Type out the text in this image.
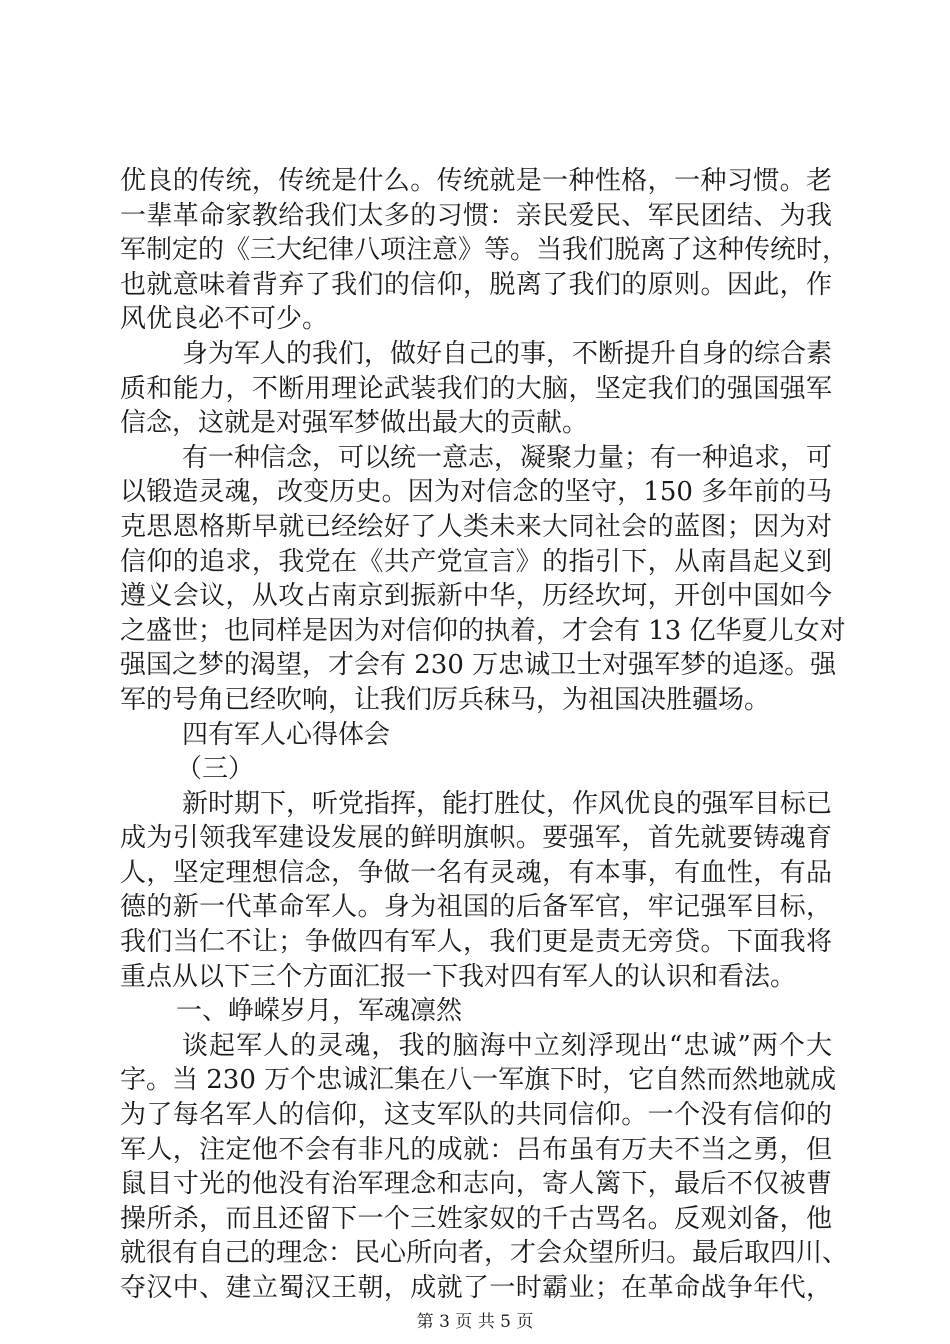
优良的传统，传统是什么。传统就是一种性格，一种习惯。老
一辈革命家教给我们太多的习惯：亲民爱民、军民团结、为我
军制定的《三大纪律八项注意》等。当我们脱离了这种传统时，
也就意味着背弃了我们的信仰，脱离了我们的原则。因此，作
风优良必不可少。
身为军人的我们，做好自己的事，不断提升自身的综合素
质和能力，不断用理论武装我们的大脑，坚定我们的强国强军
信念，这就是对强军梦做出最大的贡献。
有一种信念，可以统一意志，凝聚力量；有一种追求，可
以锻造灵魂，改变历史。因为对信念的坚守，150 多年前的马
克思恩格斯早就已经绘好了人类未来大同社会的蓝图；因为对
信仰的追求，我党在《共产党宣言》的指引下，从南昌起义到
遵义会议，从攻占南京到振新中华，历经坎坷，开创中国如今
之盛世；也同样是因为对信仰的执着，才会有 13 亿华夏儿女对
强国之梦的渴望，才会有 230 万忠诚卫士对强军梦的追逐。强
军的号角已经吹响，让我们厉兵秣马，为祖国决胜疆场。
四有军人心得体会
（三）
新时期下，听党指挥，能打胜仗，作风优良的强军目标已
成为引领我军建设发展的鲜明旗帜。要强军，首先就要铸魂育
人，坚定理想信念，争做一名有灵魂，有本事，有血性，有品
德的新一代革命军人。身为祖国的后备军官，牢记强军目标，
我们当仁不让；争做四有军人，我们更是责无旁贷。下面我将
重点从以下三个方面汇报一下我对四有军人的认识和看法。
一、峥嵘岁月，军魂凛然
谈起军人的灵魂，我的脑海中立刻浮现出“忠诚”两个大
字。当 230 万个忠诚汇集在八一军旗下时，它自然而然地就成
为了每名军人的信仰，这支军队的共同信仰。一个没有信仰的
军人，注定他不会有非凡的成就：吕布虽有万夫不当之勇，但
鼠目寸光的他没有治军理念和志向，寄人篱下，最后不仅被曹
操所杀，而且还留下一个三姓家奴的千古骂名。反观刘备，他
就很有自己的理念：民心所向者，才会众望所归。最后取四川、
夺汉中、建立蜀汉王朝，成就了一时霸业；在革命战争年代，
第 3 页 共 5 页
